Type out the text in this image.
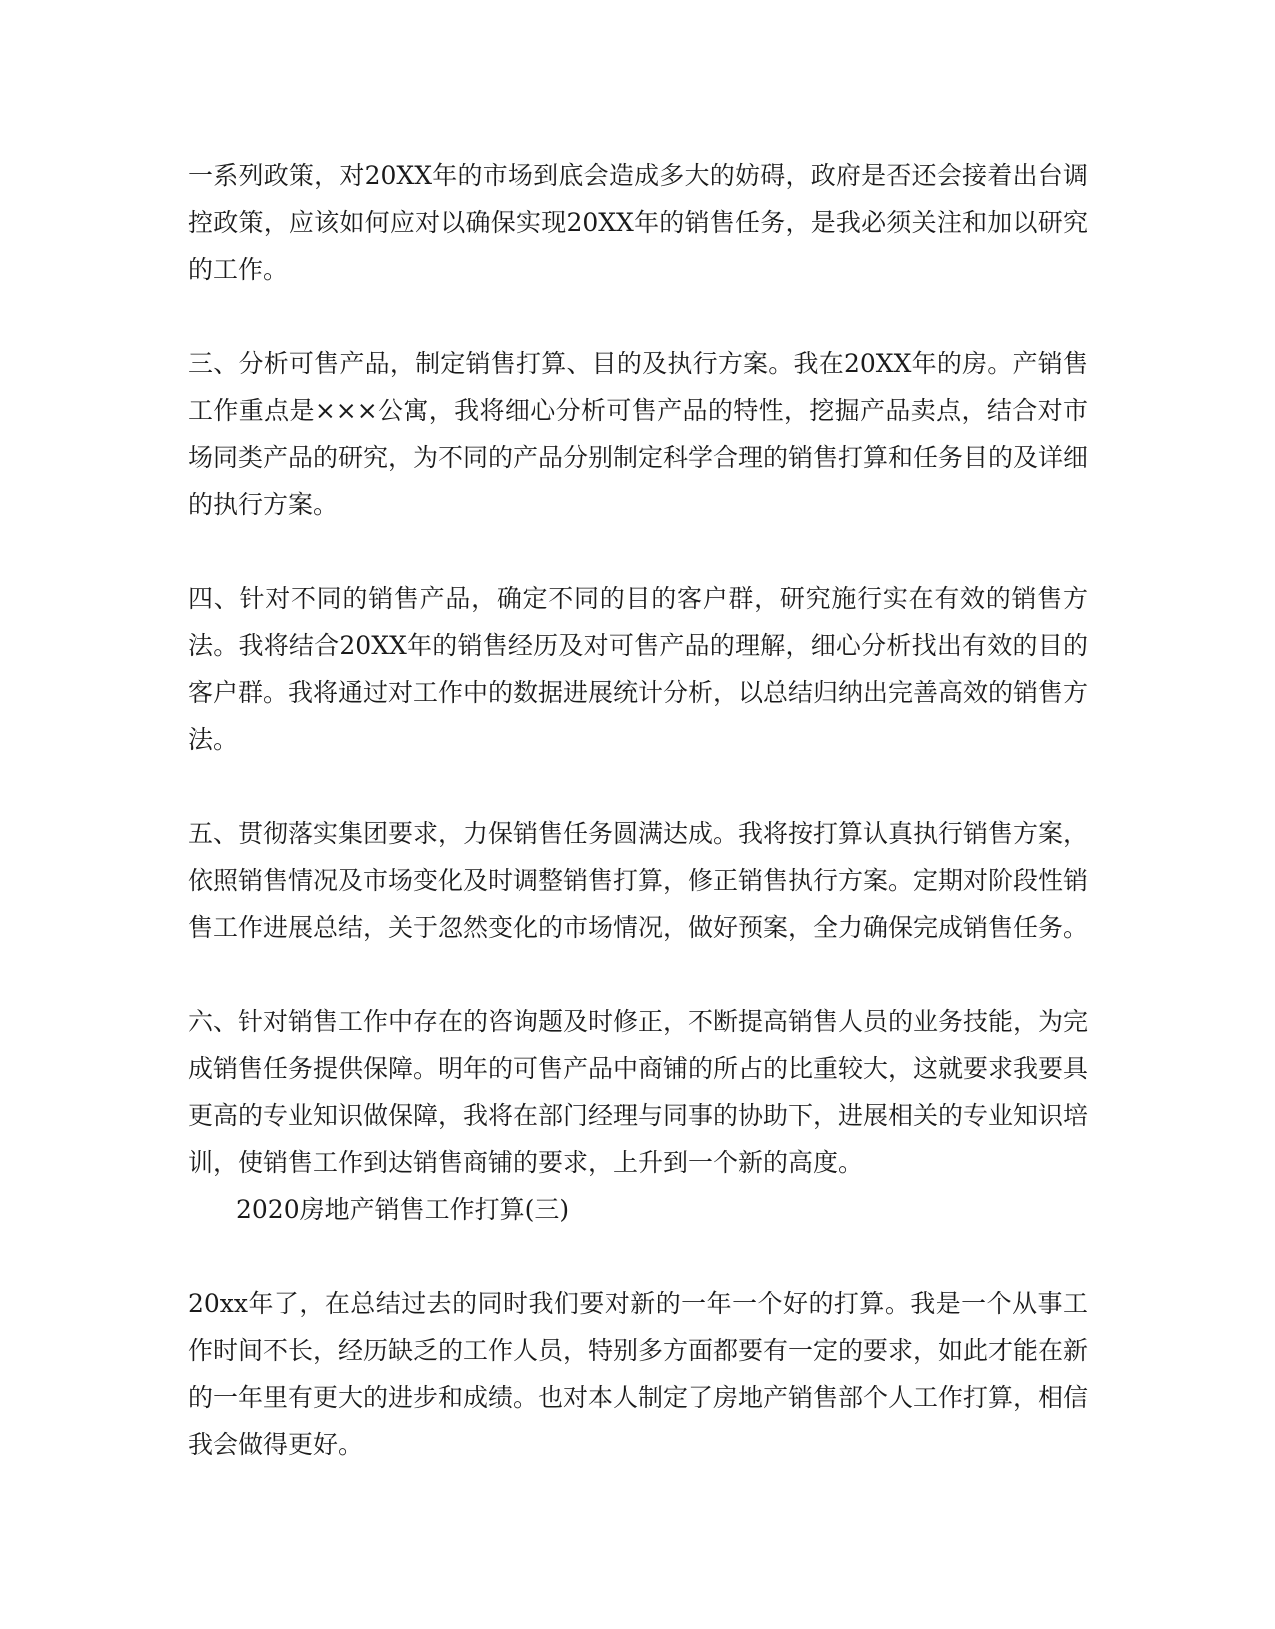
一系列政策，对20XX年的市场到底会造成多大的妨碍，政府是否还会接着出台调控政策，应该如何应对以确保实现20XX年的销售任务，是我必须关注和加以研究的工作。

三、分析可售产品，制定销售打算、目的及执行方案。我在20XX年的房。产销售工作重点是×××公寓，我将细心分析可售产品的特性，挖掘产品卖点，结合对市场同类产品的研究，为不同的产品分别制定科学合理的销售打算和任务目的及详细的执行方案。

四、针对不同的销售产品，确定不同的目的客户群，研究施行实在有效的销售方法。我将结合20XX年的销售经历及对可售产品的理解，细心分析找出有效的目的客户群。我将通过对工作中的数据进展统计分析，以总结归纳出完善高效的销售方法。

五、贯彻落实集团要求，力保销售任务圆满达成。我将按打算认真执行销售方案，依照销售情况及市场变化及时调整销售打算，修正销售执行方案。定期对阶段性销售工作进展总结，关于忽然变化的市场情况，做好预案，全力确保完成销售任务。

六、针对销售工作中存在的咨询题及时修正，不断提高销售人员的业务技能，为完成销售任务提供保障。明年的可售产品中商铺的所占的比重较大，这就要求我要具更高的专业知识做保障，我将在部门经理与同事的协助下，进展相关的专业知识培训，使销售工作到达销售商铺的要求，上升到一个新的高度。

2020房地产销售工作打算(三)

20xx年了，在总结过去的同时我们要对新的一年一个好的打算。我是一个从事工作时间不长，经历缺乏的工作人员，特别多方面都要有一定的要求，如此才能在新的一年里有更大的进步和成绩。也对本人制定了房地产销售部个人工作打算，相信我会做得更好。
